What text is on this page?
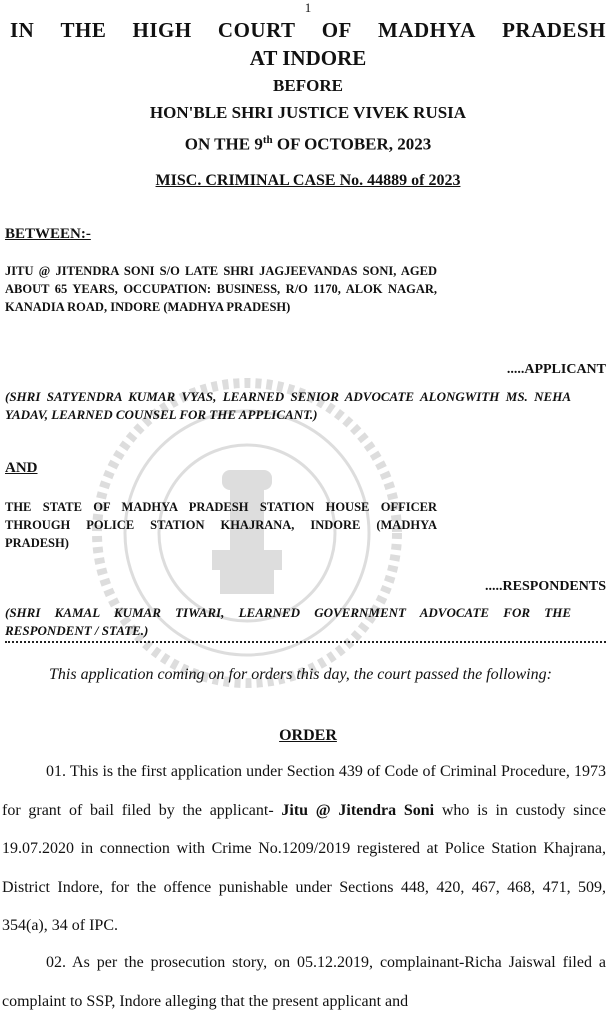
1
IN THE HIGH COURT OF MADHYA PRADESH
AT INDORE
BEFORE
HON'BLE SHRI JUSTICE VIVEK RUSIA
ON THE 9th OF OCTOBER, 2023
MISC. CRIMINAL CASE No. 44889 of 2023
BETWEEN:-
JITU @ JITENDRA SONI S/O LATE SHRI JAGJEEVANDAS SONI, AGED ABOUT 65 YEARS, OCCUPATION: BUSINESS, R/O 1170, ALOK NAGAR, KANADIA ROAD, INDORE (MADHYA PRADESH)
.....APPLICANT
(SHRI SATYENDRA KUMAR VYAS, LEARNED SENIOR ADVOCATE ALONGWITH MS. NEHA YADAV, LEARNED COUNSEL FOR THE APPLICANT.)
AND
THE STATE OF MADHYA PRADESH STATION HOUSE OFFICER THROUGH POLICE STATION KHAJRANA, INDORE (MADHYA PRADESH)
.....RESPONDENTS
(SHRI KAMAL KUMAR TIWARI, LEARNED GOVERNMENT ADVOCATE FOR THE RESPONDENT / STATE.)
This application coming on for orders this day, the court passed the following:
ORDER
01. This is the first application under Section 439 of Code of Criminal Procedure, 1973 for grant of bail filed by the applicant- Jitu @ Jitendra Soni who is in custody since 19.07.2020 in connection with Crime No.1209/2019 registered at Police Station Khajrana, District Indore, for the offence punishable under Sections 448, 420, 467, 468, 471, 509, 354(a), 34 of IPC.
02. As per the prosecution story, on 05.12.2019, complainant-Richa Jaiswal filed a complaint to SSP, Indore alleging that the present applicant and
